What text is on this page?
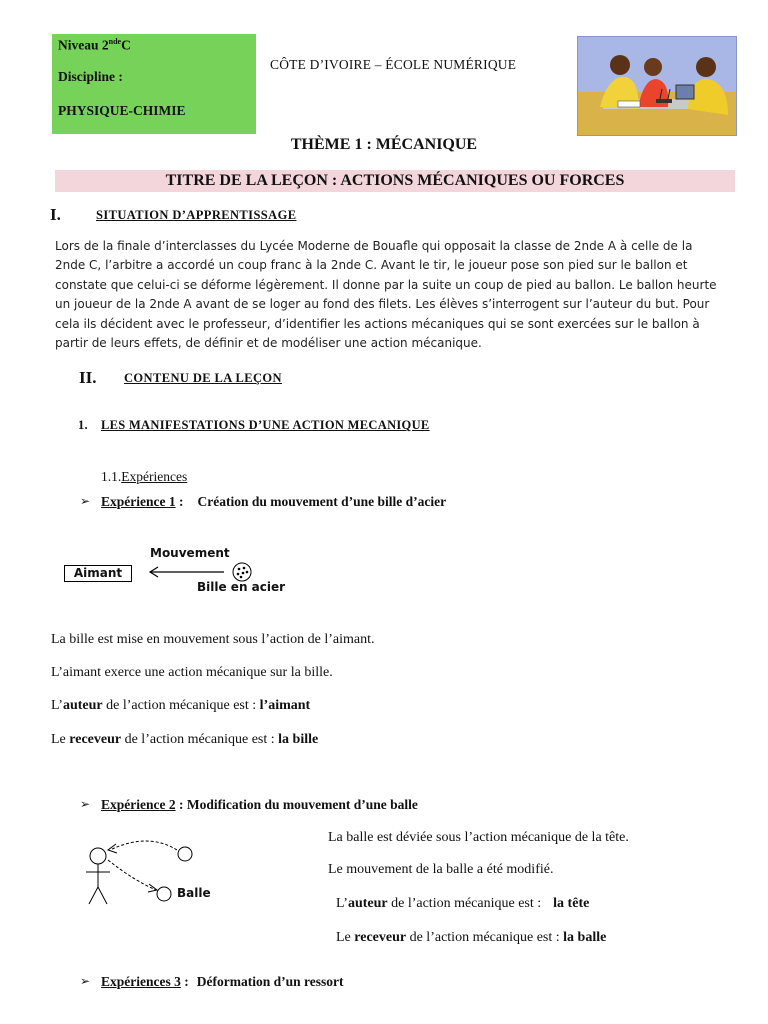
Niveau 2ndeC
Discipline :
PHYSIQUE-CHIMIE
CÔTE D’IVOIRE – ÉCOLE NUMÉRIQUE
THÈME 1 : MÉCANIQUE
TITRE DE LA LEÇON : ACTIONS MÉCANIQUES OU FORCES
I.	SITUATION D’APPRENTISSAGE
Lors de la finale d’interclasses du Lycée Moderne de Bouafle qui opposait la classe de 2nde A à celle de la
2nde C, l’arbitre a accordé un coup franc à la 2nde C. Avant le tir, le joueur pose son pied sur le ballon et
constate que celui-ci se déforme légèrement. Il donne par la suite un coup de pied au ballon. Le ballon heurte
un joueur de la 2nde A avant de se loger au fond des filets. Les élèves s’interrogent sur l’auteur du but. Pour
cela ils décident avec le professeur, d’identifier les actions mécaniques qui se sont exercées sur le ballon à
partir de leurs effets, de définir et de modéliser une action mécanique.
II. CONTENU DE LA LEÇON
1. LES MANIFESTATIONS D’UNE ACTION MECANIQUE
1.1.Expériences
➢ Expérience 1 : Création du mouvement d’une bille d’acier
Mouvement
Aimant
Bille en acier
La bille est mise en mouvement sous l’action de l’aimant.
L’aimant exerce une action mécanique sur la bille.
L’auteur de l’action mécanique est : l’aimant
Le receveur de l’action mécanique est : la bille
➢ Expérience 2 : Modification du mouvement d’une balle
Balle
La balle est déviée sous l’action mécanique de la tête.
Le mouvement de la balle a été modifié.
L’auteur de l’action mécanique est : la tête
Le receveur de l’action mécanique est : la balle
➢ Expériences 3 : Déformation d’un ressort
